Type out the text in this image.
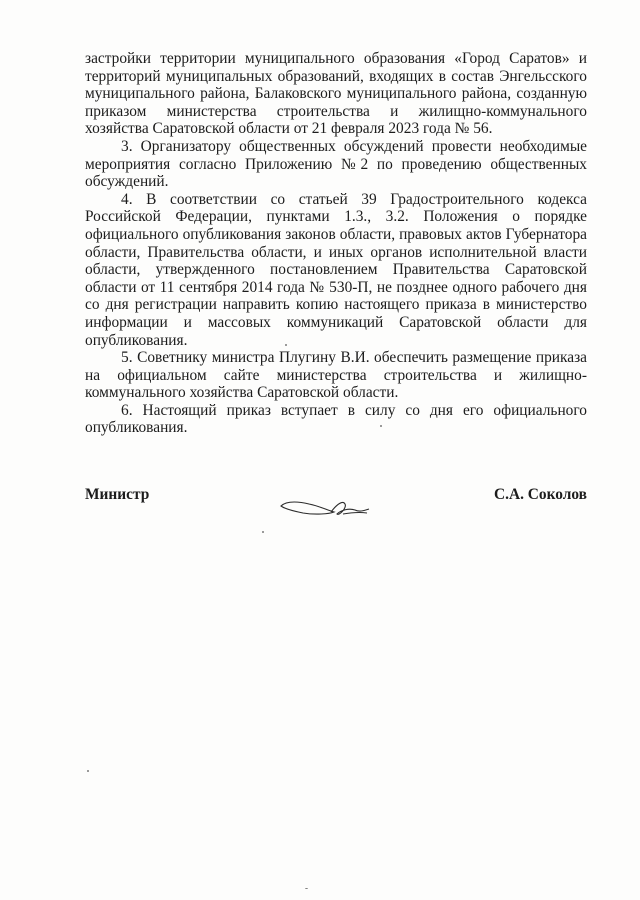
застройки территории муниципального образования «Город Саратов» и территорий муниципальных образований, входящих в состав Энгельсского муниципального района, Балаковского муниципального района, созданную приказом министерства строительства и жилищно-коммунального хозяйства Саратовской области от 21 февраля 2023 года № 56.

3. Организатору общественных обсуждений провести необходимые мероприятия согласно Приложению №2 по проведению общественных обсуждений.

4. В соответствии со статьей 39 Градостроительного кодекса Российской Федерации, пунктами 1.3., 3.2. Положения о порядке официального опубликования законов области, правовых актов Губернатора области, Правительства области, и иных органов исполнительной власти области, утвержденного постановлением Правительства Саратовской области от 11 сентября 2014 года № 530-П, не позднее одного рабочего дня со дня регистрации направить копию настоящего приказа в министерство информации и массовых коммуникаций Саратовской области для опубликования.

5. Советнику министра Плугину В.И. обеспечить размещение приказа на официальном сайте министерства строительства и жилищно-коммунального хозяйства Саратовской области.

6. Настоящий приказ вступает в силу со дня его официального опубликования.

Министр	С.А. Соколов
